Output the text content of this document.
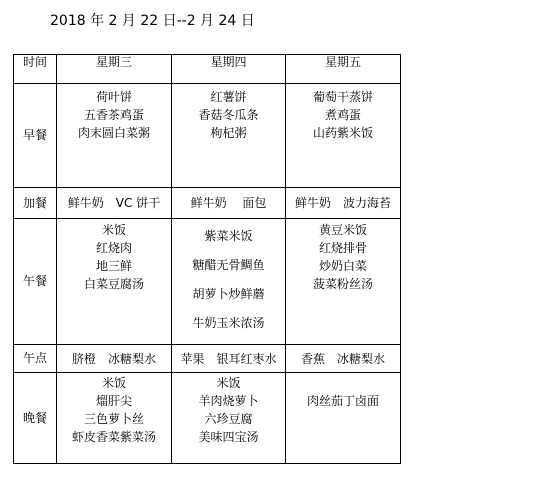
2018 年 2 月 22 日--2 月 24 日
时间	星期三	星期四	星期五
早餐	荷叶饼
五香茶鸡蛋
肉末圆白菜粥	红薯饼
香菇冬瓜条
枸杞粥	葡萄干蒸饼
煮鸡蛋
山药紫米饭

加餐	鲜牛奶　VC 饼干	鲜牛奶　 面包	鲜牛奶　波力海苔

午餐	米饭
红烧肉
地三鲜
白菜豆腐汤	紫菜米饭
糖醋无骨鲷鱼
胡萝卜炒鲜蘑
牛奶玉米浓汤	黄豆米饭
红烧排骨
炒奶白菜
菠菜粉丝汤

午点	脐橙　冰糖梨水	苹果　银耳红枣水	香蕉　冰糖梨水

晚餐	米饭
熘肝尖
三色萝卜丝
虾皮香菜紫菜汤	米饭
羊肉烧萝卜
六珍豆腐
美味四宝汤	肉丝茄丁卤面
